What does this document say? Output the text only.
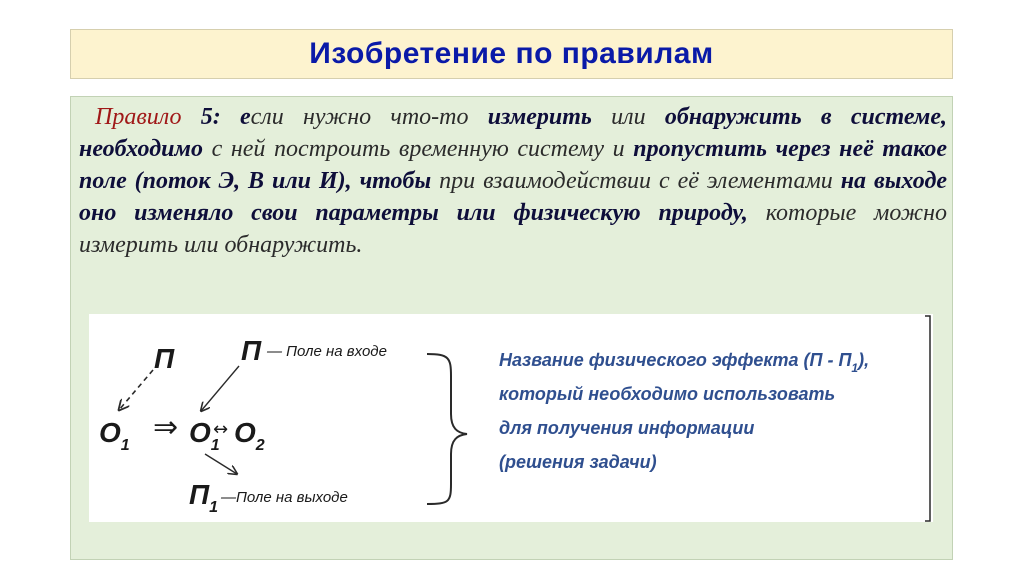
Изобретение по правилам

Правило 5: если нужно что-то измерить или обнаружить в системе, необходимо с ней построить временную систему и пропустить через неё такое поле (поток Э, В или И), чтобы при взаимодействии с её элементами на выходе оно изменяло свои параметры или физическую природу, которые можно измерить или обнаружить.

П
$O_1$
⇒
П — Поле на входе
$O_1$
↔ $O_2$
$П_1$
—Поле на выходе
Название физического эффекта $(П - П_1)$,
который необходимо использовать
для получения информации
(решения задачи)
